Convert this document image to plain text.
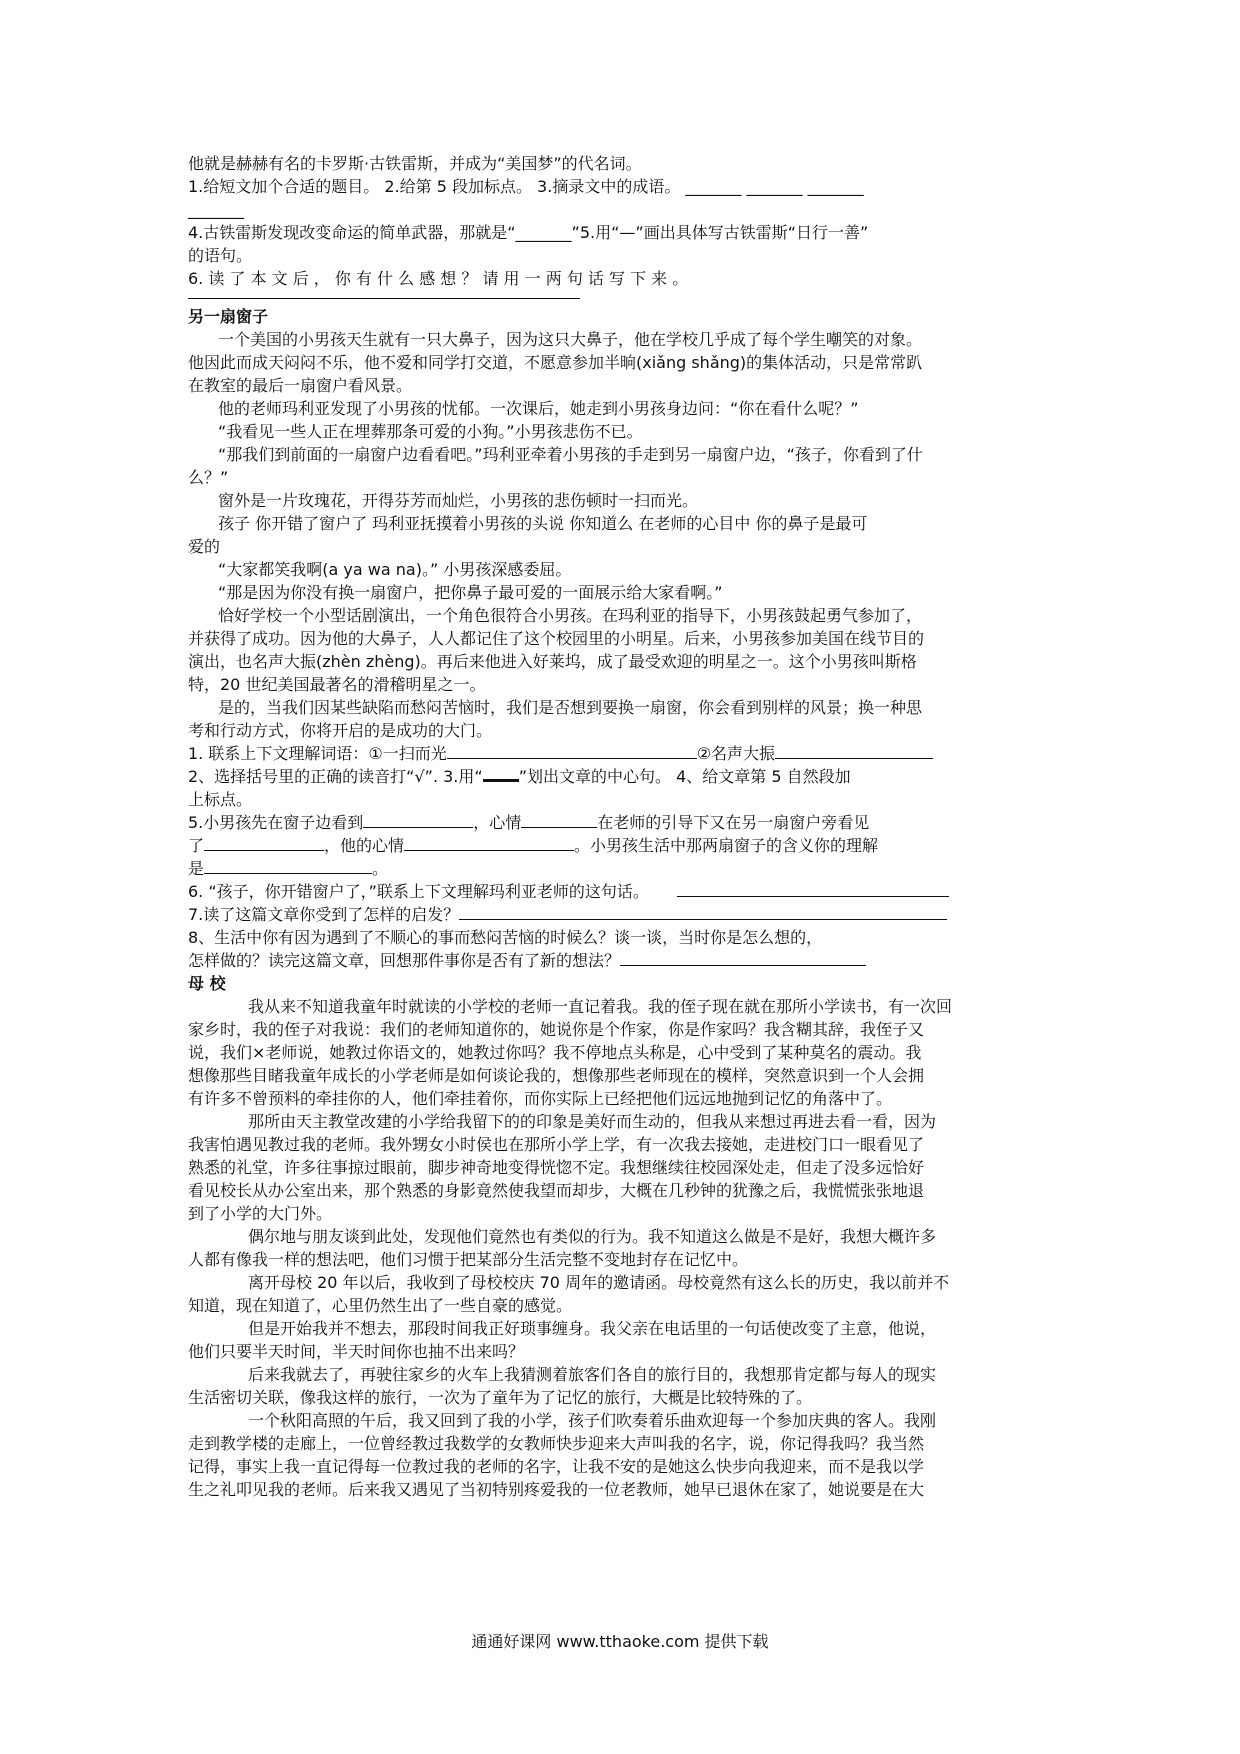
他就是赫赫有名的卡罗斯·古铁雷斯，并成为“美国梦”的代名词。
1.给短文加个合适的题目。 2.给第 5 段加标点。 3.摘录文中的成语。 _______ _______ _______
_______
4.古铁雷斯发现改变命运的简单武器，那就是“_______”5.用“—”画出具体写古铁雷斯“日行一善”
的语句。
6. 读 了 本 文 后 ， 你 有 什 么 感 想 ？ 请 用 一 两 句 话 写 下 来 。
另一扇窗子
一个美国的小男孩天生就有一只大鼻子，因为这只大鼻子，他在学校几乎成了每个学生嘲笑的对象。
他因此而成天闷闷不乐，他不爱和同学打交道，不愿意参加半晌(xiǎng shǎng)的集体活动，只是常常趴
在教室的最后一扇窗户看风景。
他的老师玛利亚发现了小男孩的忧郁。一次课后，她走到小男孩身边问：“你在看什么呢？”
“我看见一些人正在埋葬那条可爱的小狗。”小男孩悲伤不已。
“那我们到前面的一扇窗户边看看吧。”玛利亚牵着小男孩的手走到另一扇窗户边，“孩子，你看到了什
么？”
窗外是一片玫瑰花，开得芬芳而灿烂，小男孩的悲伤顿时一扫而光。
孩子 你开错了窗户了 玛利亚抚摸着小男孩的头说 你知道么 在老师的心目中 你的鼻子是最可
爱的
“大家都笑我啊(a ya wa na)。” 小男孩深感委屈。
“那是因为你没有换一扇窗户，把你鼻子最可爱的一面展示给大家看啊。”
恰好学校一个小型话剧演出，一个角色很符合小男孩。在玛利亚的指导下，小男孩鼓起勇气参加了，
并获得了成功。因为他的大鼻子，人人都记住了这个校园里的小明星。后来，小男孩参加美国在线节目的
演出，也名声大振(zhèn zhèng)。再后来他进入好莱坞，成了最受欢迎的明星之一。这个小男孩叫斯格
特，20 世纪美国最著名的滑稽明星之一。
是的，当我们因某些缺陷而愁闷苦恼时，我们是否想到要换一扇窗，你会看到别样的风景；换一种思
考和行动方式，你将开启的是成功的大门。
1. 联系上下文理解词语：①一扫而光	②名声大振
2、选择括号里的正确的读音打“√”. 3.用“ ”划出文章的中心句。 4、给文章第 5 自然段加
上标点。
5.小男孩先在窗子边看到	，心情	在老师的引导下又在另一扇窗户旁看见
了	，他的心情	。小男孩生活中那两扇窗子的含义你的理解
是	。
6. “孩子，你开错窗户了，”联系上下文理解玛利亚老师的这句话。
7.读了这篇文章你受到了怎样的启发？
8、生活中你有因为遇到了不顺心的事而愁闷苦恼的时候么？谈一谈，当时你是怎么想的，
怎样做的？读完这篇文章，回想那件事你是否有了新的想法？
母 校
我从来不知道我童年时就读的小学校的老师一直记着我。我的侄子现在就在那所小学读书，有一次回
家乡时，我的侄子对我说：我们的老师知道你的，她说你是个作家，你是作家吗？我含糊其辞，我侄子又
说，我们×老师说，她教过你语文的，她教过你吗？我不停地点头称是，心中受到了某种莫名的震动。我
想像那些目睹我童年成长的小学老师是如何谈论我的，想像那些老师现在的模样，突然意识到一个人会拥
有许多不曾预料的牵挂你的人，他们牵挂着你，而你实际上已经把他们远远地抛到记忆的角落中了。
那所由天主教堂改建的小学给我留下的的印象是美好而生动的，但我从来想过再进去看一看，因为
我害怕遇见教过我的老师。我外甥女小时侯也在那所小学上学，有一次我去接她，走进校门口一眼看见了
熟悉的礼堂，许多往事掠过眼前，脚步神奇地变得恍惚不定。我想继续往校园深处走，但走了没多远恰好
看见校长从办公室出来，那个熟悉的身影竟然使我望而却步，大概在几秒钟的犹豫之后，我慌慌张张地退
到了小学的大门外。
偶尔地与朋友谈到此处，发现他们竟然也有类似的行为。我不知道这么做是不是好，我想大概许多
人都有像我一样的想法吧，他们习惯于把某部分生活完整不变地封存在记忆中。
离开母校 20 年以后，我收到了母校校庆 70 周年的邀请函。母校竟然有这么长的历史，我以前并不
知道，现在知道了，心里仍然生出了一些自豪的感觉。
但是开始我并不想去，那段时间我正好琐事缠身。我父亲在电话里的一句话使改变了主意，他说，
他们只要半天时间，半天时间你也抽不出来吗？
后来我就去了，再驶往家乡的火车上我猜测着旅客们各自的旅行目的，我想那肯定都与每人的现实
生活密切关联，像我这样的旅行，一次为了童年为了记忆的旅行，大概是比较特殊的了。
一个秋阳高照的午后，我又回到了我的小学，孩子们吹奏着乐曲欢迎每一个参加庆典的客人。我刚
走到教学楼的走廊上，一位曾经教过我数学的女教师快步迎来大声叫我的名字，说，你记得我吗？我当然
记得，事实上我一直记得每一位教过我的老师的名字，让我不安的是她这么快步向我迎来，而不是我以学
生之礼叩见我的老师。后来我又遇见了当初特别疼爱我的一位老教师，她早已退休在家了，她说要是在大
通通好课网 www.tthaoke.com 提供下载
